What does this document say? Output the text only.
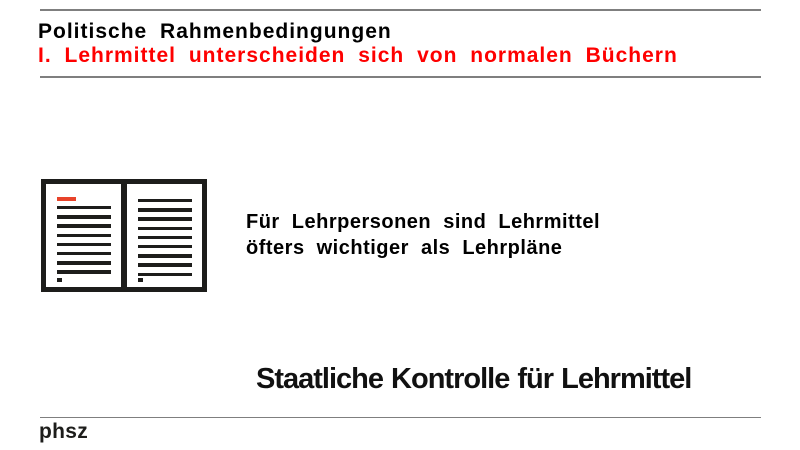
Politische Rahmenbedingungen
I. Lehrmittel unterscheiden sich von normalen Büchern

Für Lehrpersonen sind Lehrmittel
öfters wichtiger als Lehrpläne

Staatliche Kontrolle für Lehrmittel
phsz
